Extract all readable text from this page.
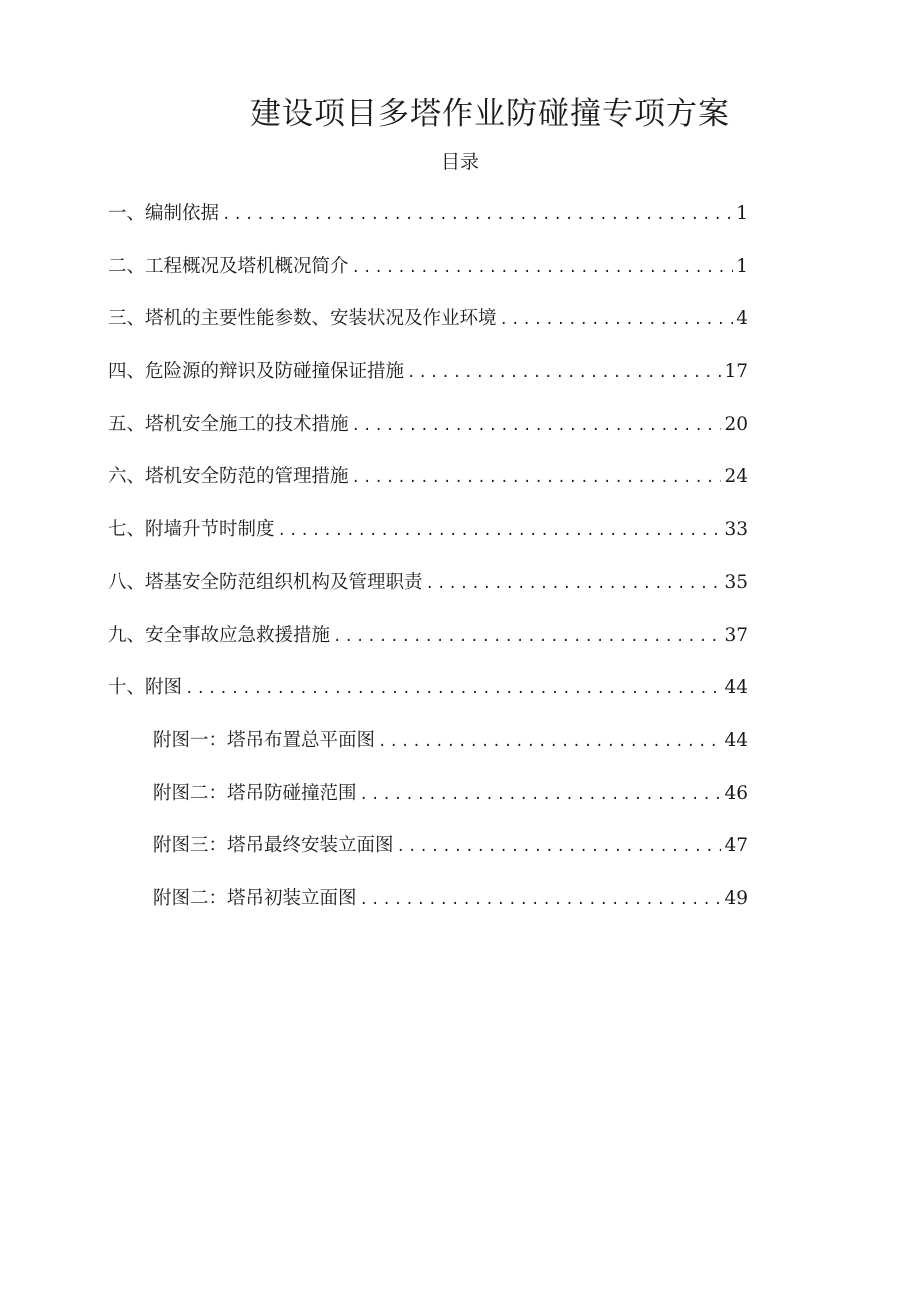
建设项目多塔作业防碰撞专项方案
目录
一、编制依据 .....	1
二、工程概况及塔机概况简介 .....	1
三、塔机的主要性能参数、安装状况及作业环境 .....	4
四、危险源的辩识及防碰撞保证措施 .....	17
五、塔机安全施工的技术措施 .....	20
六、塔机安全防范的管理措施 .....	24
七、附墙升节时制度 .....	33
八、塔基安全防范组织机构及管理职责 .....	35
九、安全事故应急救援措施 .....	37
十、附图 .....	44
附图一：塔吊布置总平面图 .....	44
附图二：塔吊防碰撞范围 .....	46
附图三：塔吊最终安装立面图 .....	47
附图二：塔吊初装立面图 .....	49
